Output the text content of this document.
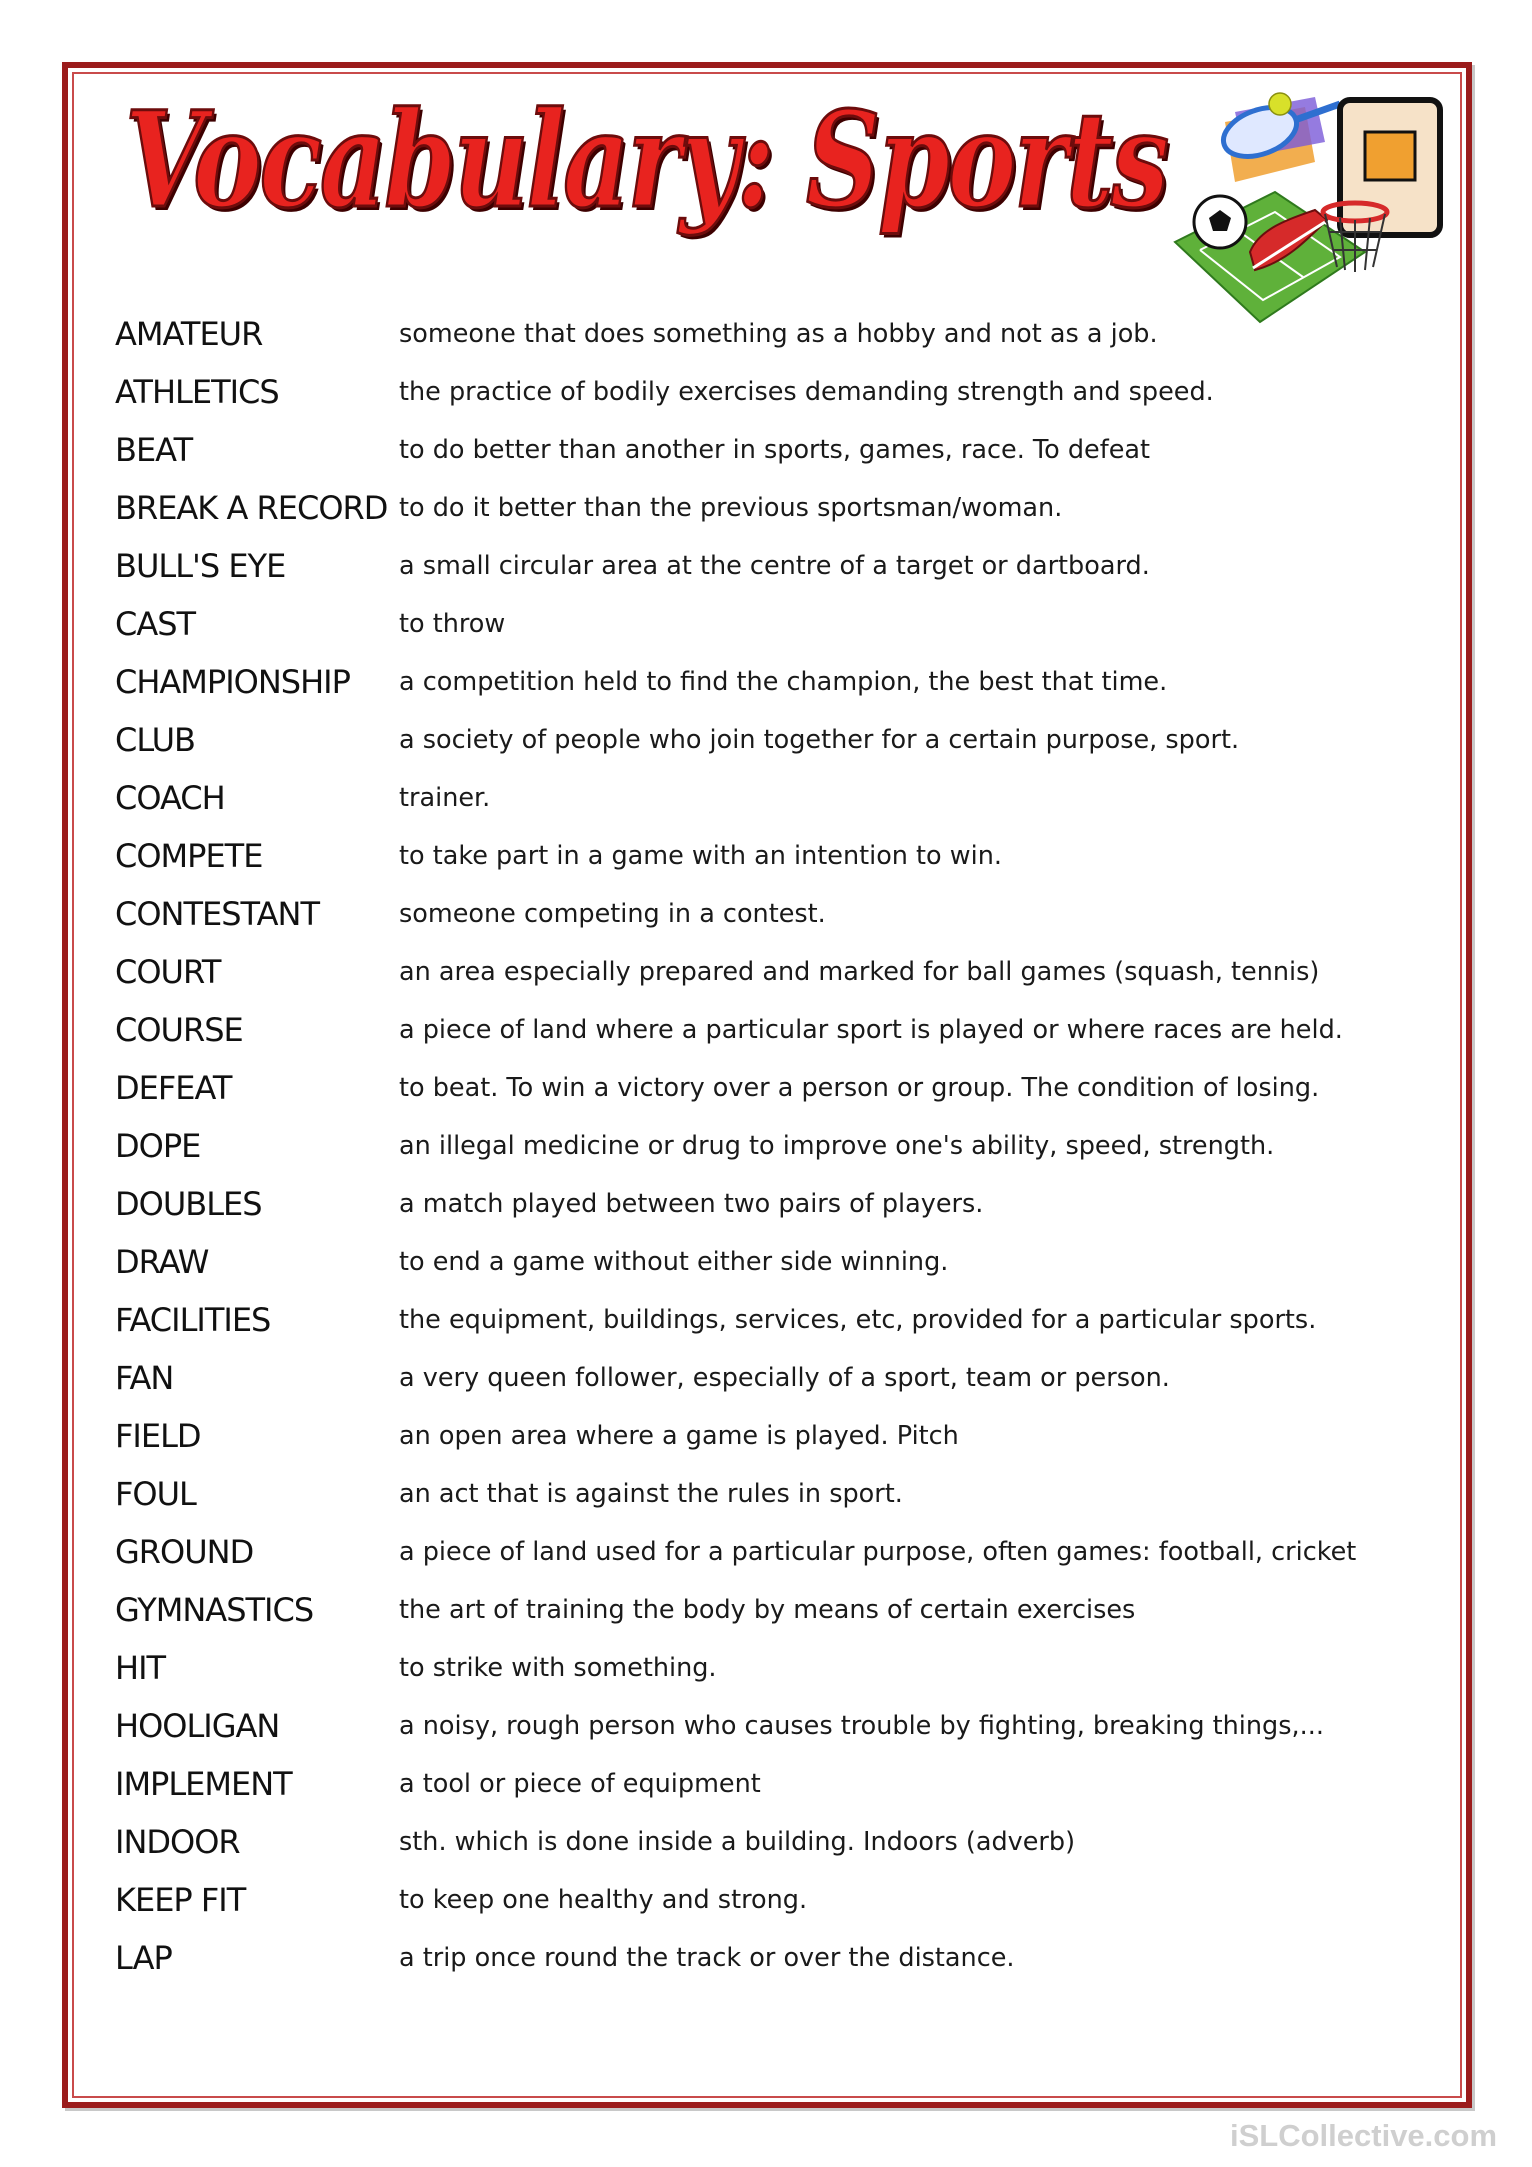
Vocabulary: Sports
AMATEUR	someone that does something as a hobby and not as a job.
ATHLETICS	the practice of bodily exercises demanding strength and speed.
BEAT	to do better than another in sports, games, race. To defeat
BREAK A RECORD to do it better than the previous sportsman/woman.
BULL'S EYE	a small circular area at the centre of a target or dartboard.
CAST	to throw
CHAMPIONSHIP	a competition held to find the champion, the best that time.
CLUB	a society of people who join together for a certain purpose, sport.
COACH	trainer.
COMPETE	to take part in a game with an intention to win.
CONTESTANT	someone competing in a contest.
COURT	an area especially prepared and marked for ball games (squash, tennis)
COURSE	a piece of land where a particular sport is played or where races are held.
DEFEAT	to beat. To win a victory over a person or group. The condition of losing.
DOPE	an illegal medicine or drug to improve one's ability, speed, strength.
DOUBLES	a match played between two pairs of players.
DRAW	to end a game without either side winning.
FACILITIES	the equipment, buildings, services, etc, provided for a particular sports.
FAN	a very queen follower, especially of a sport, team or person.
FIELD	an open area where a game is played. Pitch
FOUL	an act that is against the rules in sport.
GROUND	a piece of land used for a particular purpose, often games: football, cricket
GYMNASTICS	the art of training the body by means of certain exercises
HIT	to strike with something.
HOOLIGAN	a noisy, rough person who causes trouble by fighting, breaking things,...
IMPLEMENT	a tool or piece of equipment
INDOOR	sth. which is done inside a building. Indoors (adverb)
KEEP FIT	to keep one healthy and strong.
LAP	a trip once round the track or over the distance.
iSLCollective.com
